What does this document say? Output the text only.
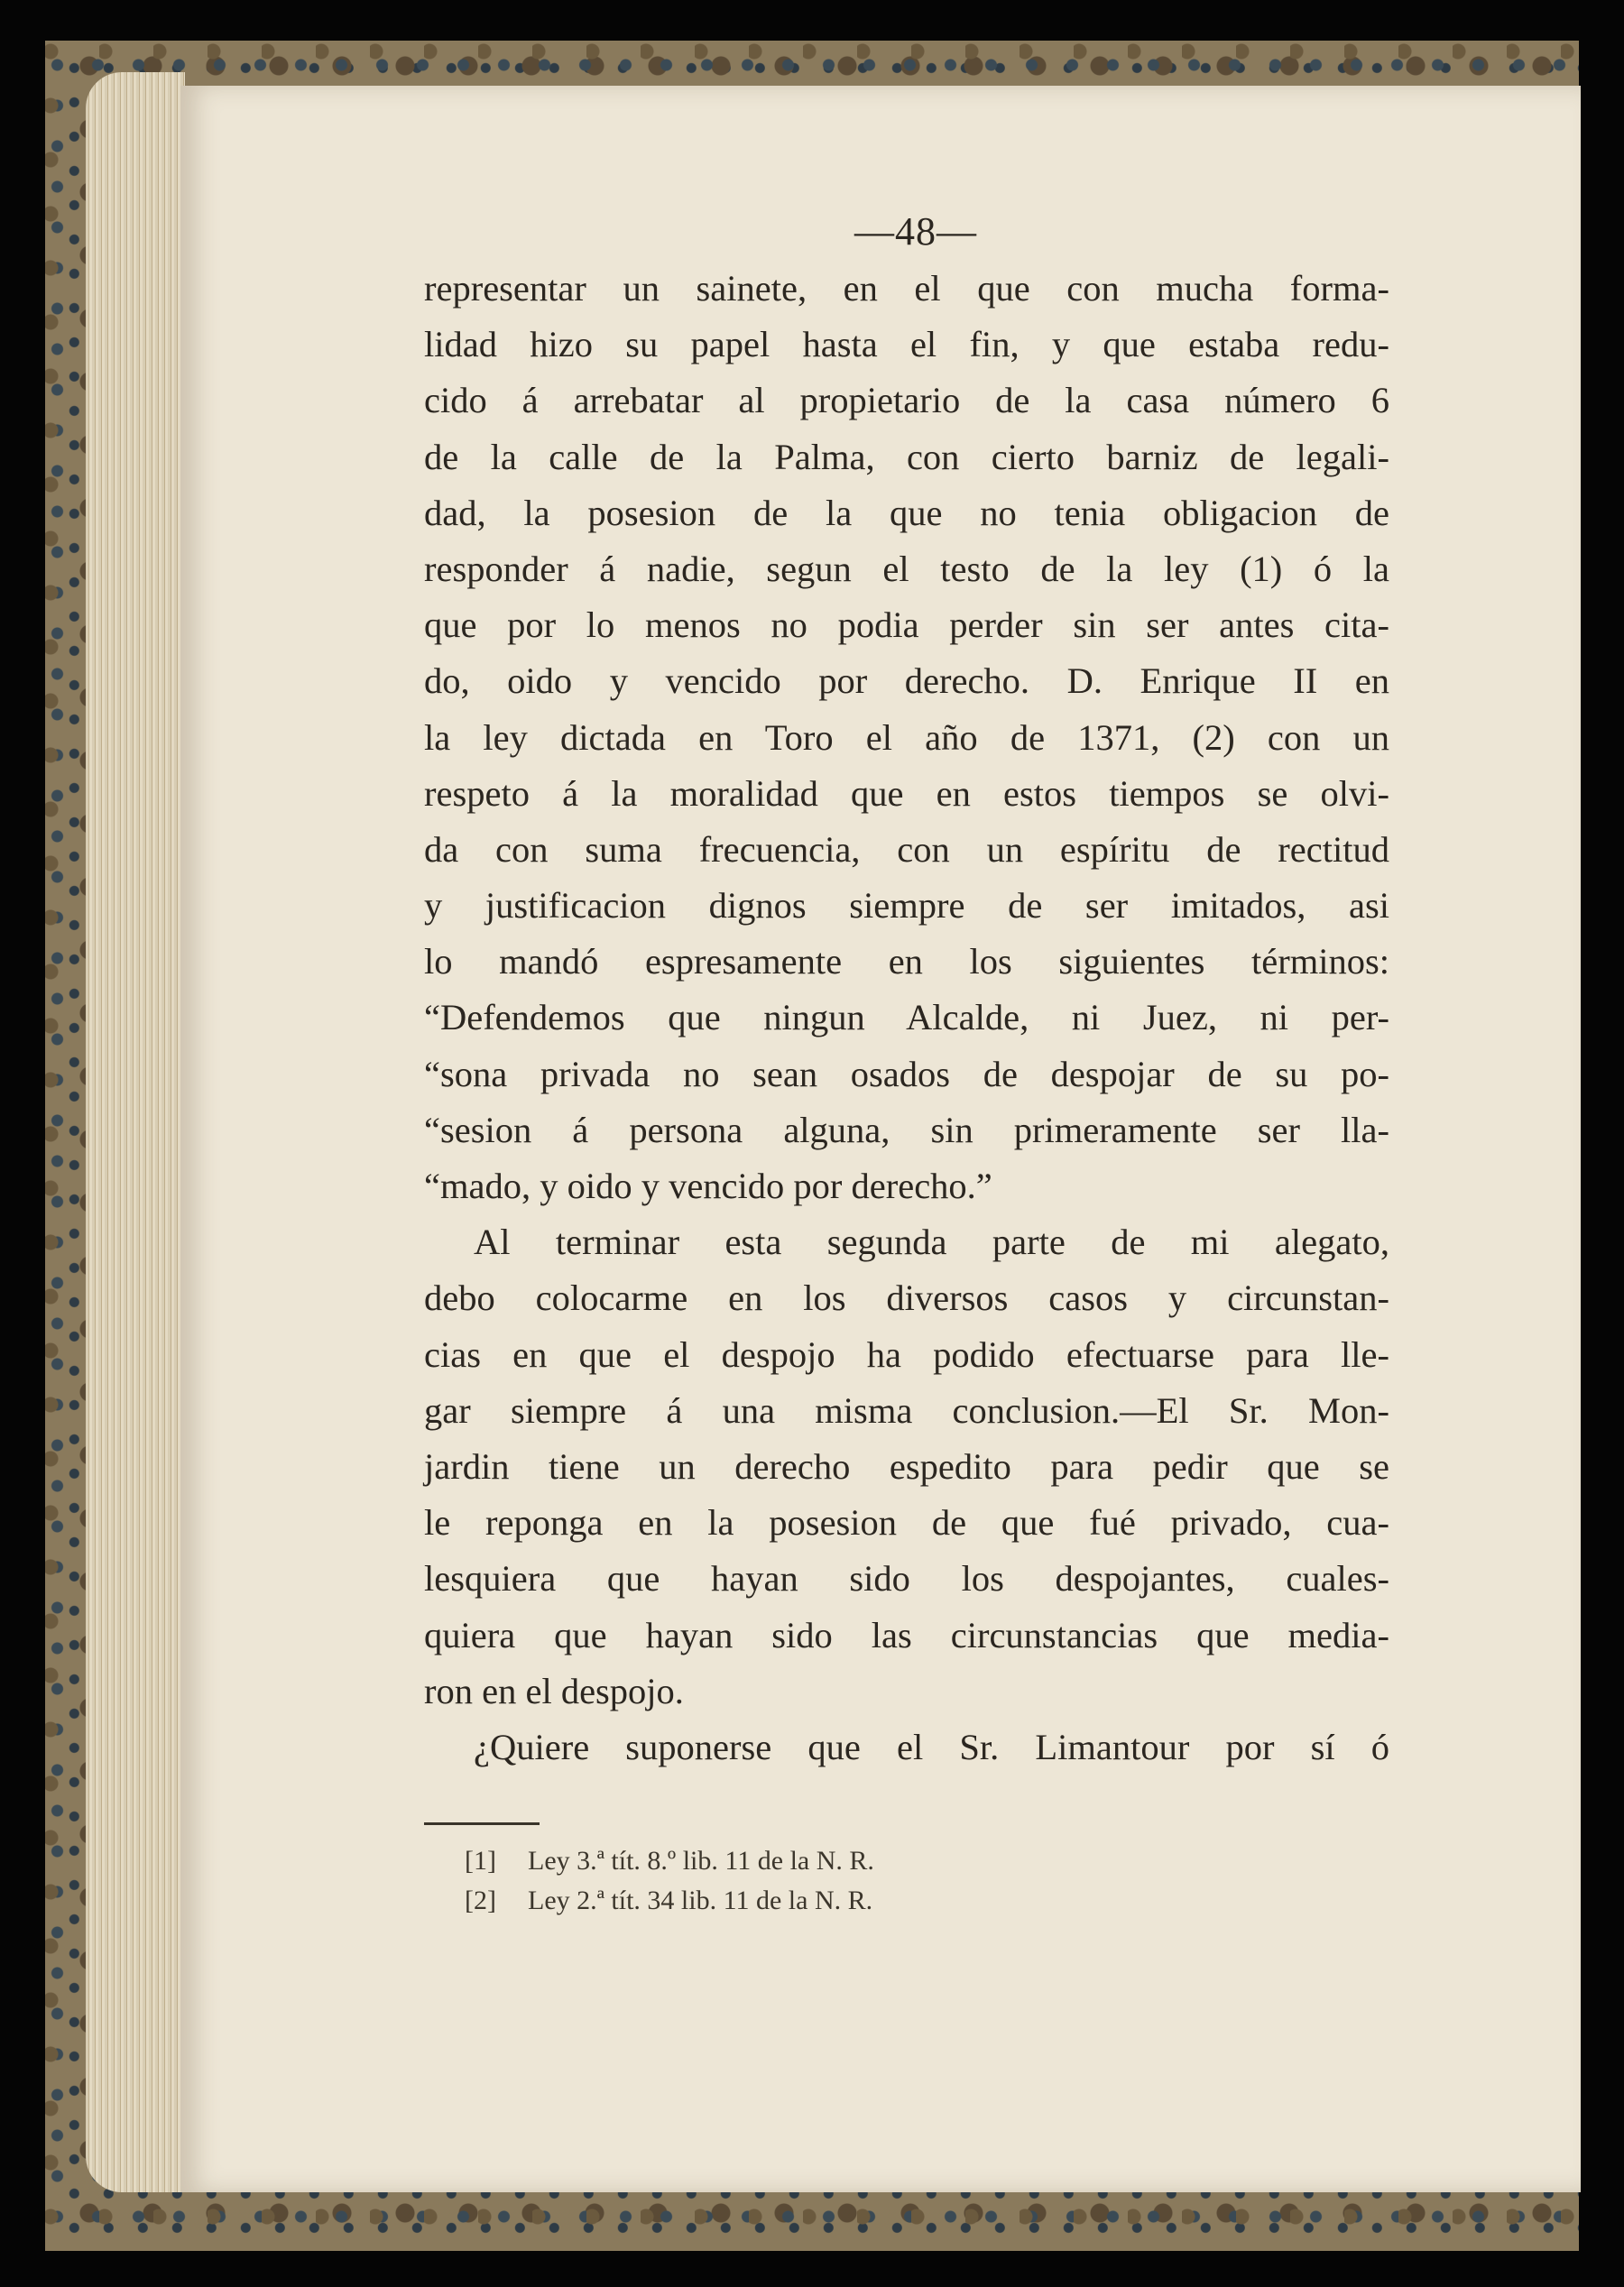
—48—
representar un sainete, en el que con mucha forma-
lidad hizo su papel hasta el fin, y que estaba redu-
cido á arrebatar al propietario de la casa número 6
de la calle de la Palma, con cierto barniz de legali-
dad, la posesion de la que no tenia obligacion de
responder á nadie, segun el testo de la ley (1) ó la
que por lo menos no podia perder sin ser antes cita-
do, oido y vencido por derecho. D. Enrique II en
la ley dictada en Toro el año de 1371, (2) con un
respeto á la moralidad que en estos tiempos se olvi-
da con suma frecuencia, con un espíritu de rectitud
y justificacion dignos siempre de ser imitados, asi
lo mandó espresamente en los siguientes términos:
“Defendemos que ningun Alcalde, ni Juez, ni per-
“sona privada no sean osados de despojar de su po-
“sesion á persona alguna, sin primeramente ser lla-
“mado, y oido y vencido por derecho.”
Al terminar esta segunda parte de mi alegato,
debo colocarme en los diversos casos y circunstan-
cias en que el despojo ha podido efectuarse para lle-
gar siempre á una misma conclusion.—El Sr. Mon-
jardin tiene un derecho espedito para pedir que se
le reponga en la posesion de que fué privado, cua-
lesquiera que hayan sido los despojantes, cuales-
quiera que hayan sido las circunstancias que media-
ron en el despojo.
¿Quiere suponerse que el Sr. Limantour por sí ó
[1] Ley 3.ª tít. 8.º lib. 11 de la N. R.
[2] Ley 2.ª tít. 34 lib. 11 de la N. R.
